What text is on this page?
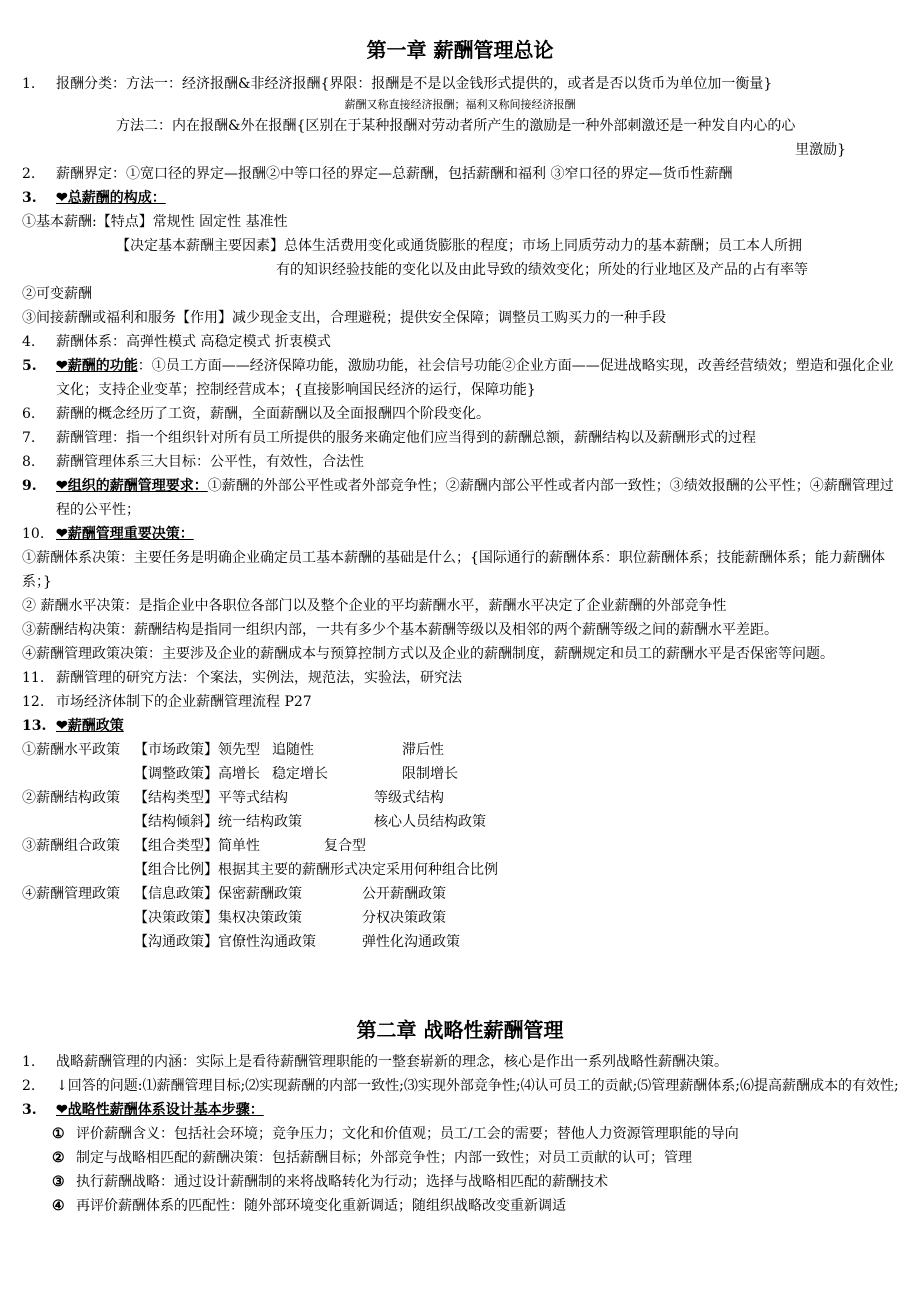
第一章 薪酬管理总论
1.	报酬分类：方法一：经济报酬&非经济报酬{界限：报酬是不是以金钱形式提供的，或者是否以货币为单位加一衡量}
薪酬又称直接经济报酬；福利又称间接经济报酬
方法二：内在报酬&外在报酬{区别在于某种报酬对劳动者所产生的激励是一种外部刺激还是一种发自内心的心
里激励}
2.	薪酬界定：①宽口径的界定—报酬②中等口径的界定—总薪酬，包括薪酬和福利 ③窄口径的界定—货币性薪酬
3.	❤总薪酬的构成：
①基本薪酬:【特点】常规性 固定性 基准性
【决定基本薪酬主要因素】总体生活费用变化或通货膨胀的程度；市场上同质劳动力的基本薪酬；员工本人所拥
有的知识经验技能的变化以及由此导致的绩效变化；所处的行业地区及产品的占有率等
②可变薪酬
③间接薪酬或福利和服务【作用】减少现金支出，合理避税；提供安全保障；调整员工购买力的一种手段
4.	薪酬体系：高弹性模式 高稳定模式 折衷模式
5.	❤薪酬的功能：①员工方面——经济保障功能，激励功能，社会信号功能②企业方面——促进战略实现，改善经营绩效；塑造和强化企业文化；支持企业变革；控制经营成本；{直接影响国民经济的运行，保障功能}
6.	薪酬的概念经历了工资，薪酬，全面薪酬以及全面报酬四个阶段变化。
7.	薪酬管理：指一个组织针对所有员工所提供的服务来确定他们应当得到的薪酬总额，薪酬结构以及薪酬形式的过程
8.	薪酬管理体系三大目标：公平性，有效性，合法性
9.	❤组织的薪酬管理要求：①薪酬的外部公平性或者外部竞争性；②薪酬内部公平性或者内部一致性；③绩效报酬的公平性；④薪酬管理过程的公平性；
10. ❤薪酬管理重要决策：
①薪酬体系决策：主要任务是明确企业确定员工基本薪酬的基础是什么；{国际通行的薪酬体系：职位薪酬体系；技能薪酬体系；能力薪酬体系；}
② 薪酬水平决策：是指企业中各职位各部门以及整个企业的平均薪酬水平，薪酬水平决定了企业薪酬的外部竞争性
③薪酬结构决策：薪酬结构是指同一组织内部，一共有多少个基本薪酬等级以及相邻的两个薪酬等级之间的薪酬水平差距。
④薪酬管理政策决策：主要涉及企业的薪酬成本与预算控制方式以及企业的薪酬制度，薪酬规定和员工的薪酬水平是否保密等问题。
11. 薪酬管理的研究方法：个案法，实例法，规范法，实验法，研究法
12. 市场经济体制下的企业薪酬管理流程 P27
13. ❤薪酬政策
①薪酬水平政策	【市场政策】领先型 追随性	滞后性
【调整政策】高增长 稳定增长	限制增长
②薪酬结构政策	【结构类型】平等式结构	等级式结构
【结构倾斜】统一结构政策	核心人员结构政策
③薪酬组合政策	【组合类型】简单性	复合型
【组合比例】根据其主要的薪酬形式决定采用何种组合比例
④薪酬管理政策	【信息政策】保密薪酬政策	公开薪酬政策
【决策政策】集权决策政策	分权决策政策
【沟通政策】官僚性沟通政策	弹性化沟通政策
第二章 战略性薪酬管理
1.	战略薪酬管理的内涵：实际上是看待薪酬管理职能的一整套崭新的理念，核心是作出一系列战略性薪酬决策。
2.	↓回答的问题:⑴薪酬管理目标;⑵实现薪酬的内部一致性;⑶实现外部竞争性;⑷认可员工的贡献;⑸管理薪酬体系;⑹提高薪酬成本的有效性;
3.	❤战略性薪酬体系设计基本步骤：
① 评价薪酬含义：包括社会环境；竞争压力；文化和价值观；员工/工会的需要；替他人力资源管理职能的导向
② 制定与战略相匹配的薪酬决策：包括薪酬目标；外部竞争性；内部一致性；对员工贡献的认可；管理
③ 执行薪酬战略：通过设计薪酬制的来将战略转化为行动；选择与战略相匹配的薪酬技术
④ 再评价薪酬体系的匹配性：随外部环境变化重新调适；随组织战略改变重新调适
